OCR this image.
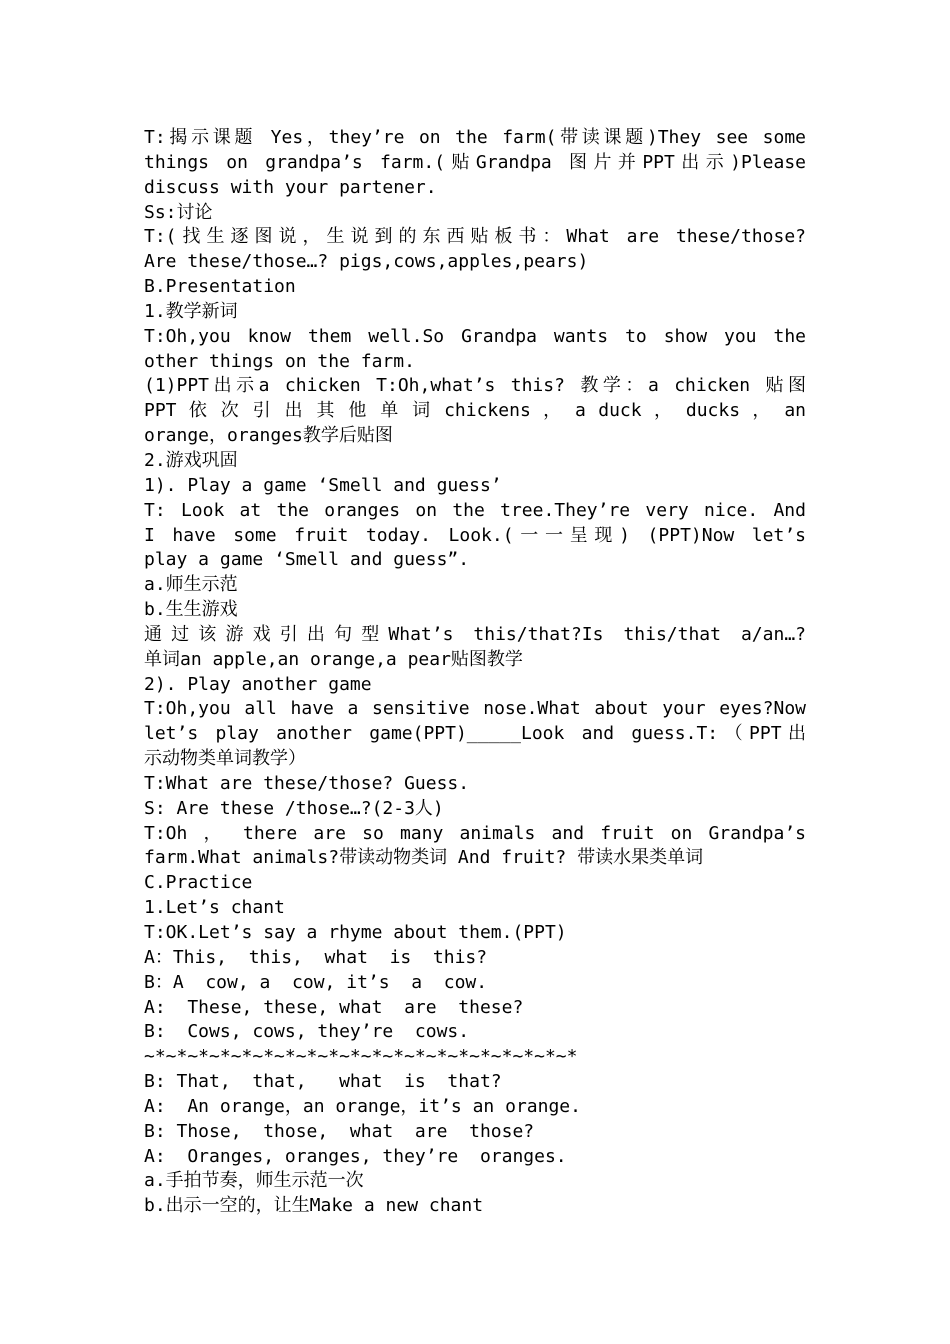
T:揭示课题 Yes，they’re on the farm(带读课题)They see some
things on grandpa’s farm.(贴Grandpa 图片并PPT出示)Please
discuss with your partener.
Ss:讨论
T:(找生逐图说，生说到的东西贴板书：What are these/those?
Are these/those…? pigs,cows,apples,pears)
B.Presentation
1.教学新词
T:Oh,you know them well.So Grandpa wants to show you the
other things on the farm.
(1)PPT出示a chicken T:Oh,what’s this? 教学：a chicken 贴图
PPT 依 次 引 出 其 他 单 词 chickens ， a duck ， ducks ， an
orange，oranges教学后贴图
2.游戏巩固
1). Play a game ‘Smell and guess’
T: Look at the oranges on the tree.They’re very nice. And
I have some fruit today. Look.(一一呈现) (PPT)Now let’s
play a game ‘Smell and guess”.
a.师生示范
b.生生游戏
通过该游戏引出句型What’s this/that?Is this/that a/an…?
单词an apple,an orange,a pear贴图教学
2). Play another game
T:Oh,you all have a sensitive nose.What about your eyes?Now
let’s play another game(PPT)_____Look and guess.T:（PPT出
示动物类单词教学）
T:What are these/those? Guess.
S: Are these /those…?(2-3人)
T:Oh ， there are so many animals and fruit on Grandpa’s
farm.What animals?带读动物类词 And fruit? 带读水果类单词
C.Practice
1.Let’s chant
T:OK.Let’s say a rhyme about them.(PPT)
A：This,  this,  what  is  this?
B：A  cow, a  cow, it’s  a  cow.
A:  These, these, what  are  these?
B:  Cows, cows, they’re  cows.
~*~*~*~*~*~*~*~*~*~*~*~*~*~*~*~*~*~*~*~*
B: That,  that,   what  is  that?
A:  An orange，an orange，it’s an orange.
B: Those,  those,  what  are  those?
A:  Oranges, oranges, they’re  oranges.
a.手拍节奏，师生示范一次
b.出示一空的，让生Make a new chant
